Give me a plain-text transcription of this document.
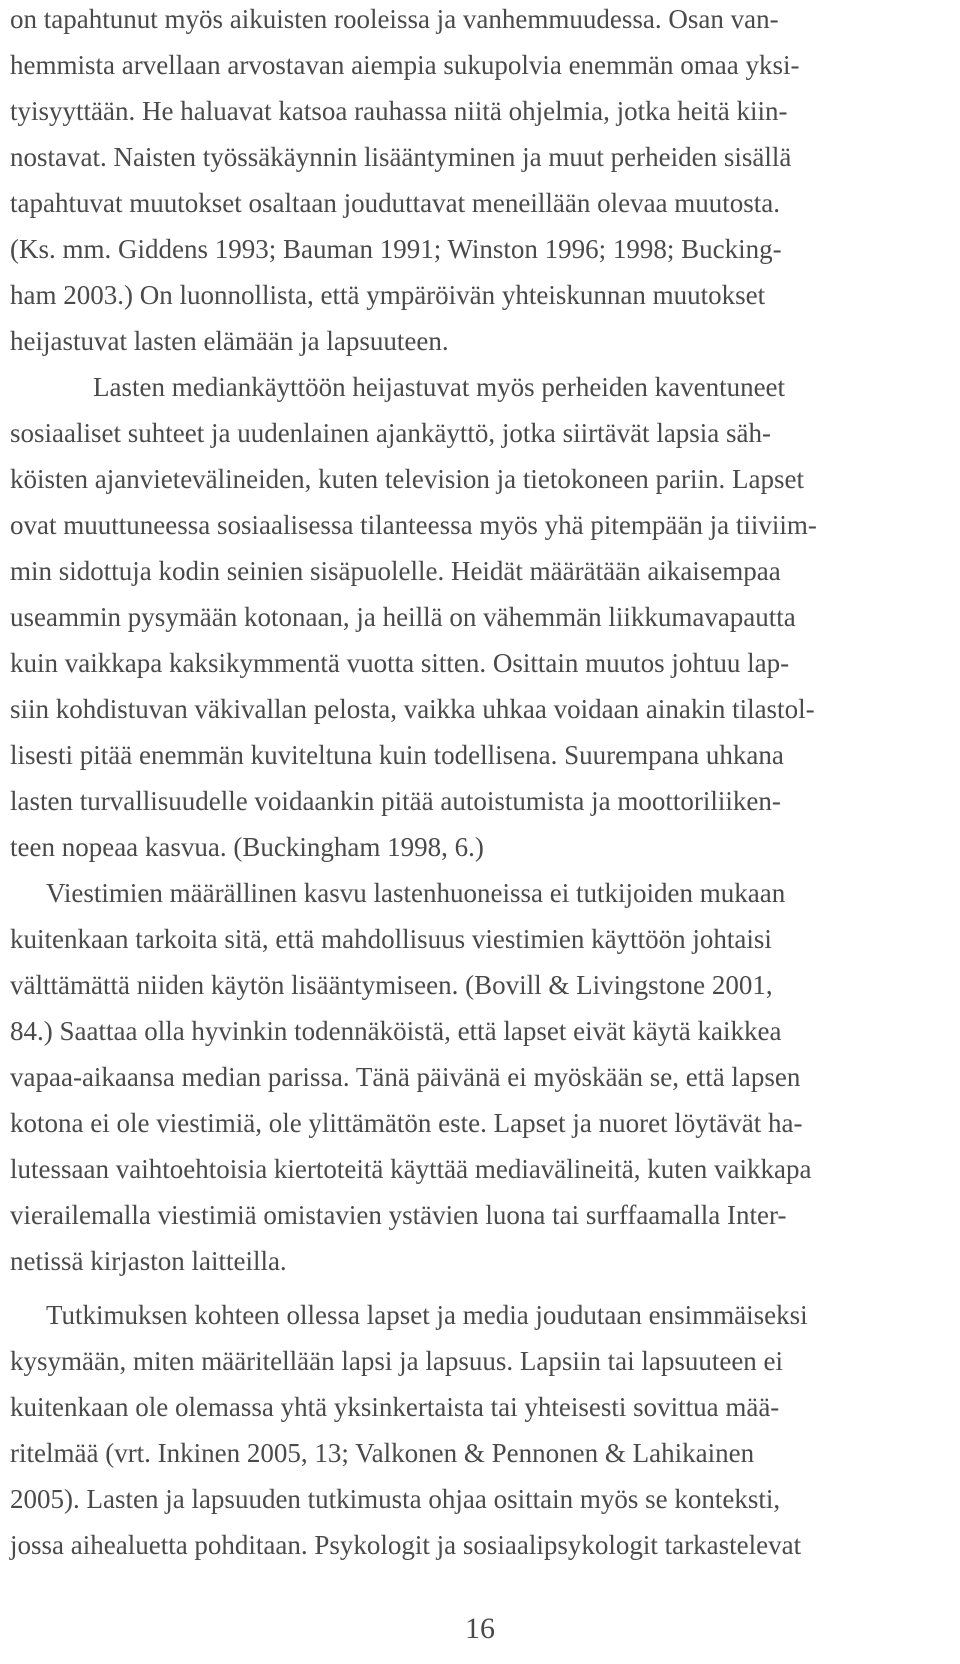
on tapahtunut myös aikuisten rooleissa ja vanhemmuudessa. Osan van-
hemmista arvellaan arvostavan aiempia sukupolvia enemmän omaa yksi-
tyisyyttään. He haluavat katsoa rauhassa niitä ohjelmia, jotka heitä kiin-
nostavat. Naisten työssäkäynnin lisääntyminen ja muut perheiden sisällä
tapahtuvat muutokset osaltaan jouduttavat meneillään olevaa muutosta.
(Ks. mm. Giddens 1993; Bauman 1991; Winston 1996; 1998; Bucking-
ham 2003.) On luonnollista, että ympäröivän yhteiskunnan muutokset
heijastuvat lasten elämään ja lapsuuteen.
Lasten mediankäyttöön heijastuvat myös perheiden kaventuneet
sosiaaliset suhteet ja uudenlainen ajankäyttö, jotka siirtävät lapsia säh-
köisten ajanvietevälineiden, kuten television ja tietokoneen pariin. Lapset
ovat muuttuneessa sosiaalisessa tilanteessa myös yhä pitempään ja tiiviim-
min sidottuja kodin seinien sisäpuolelle. Heidät määrätään aikaisempaa
useammin pysymään kotonaan, ja heillä on vähemmän liikkumavapautta
kuin vaikkapa kaksikymmentä vuotta sitten. Osittain muutos johtuu lap-
siin kohdistuvan väkivallan pelosta, vaikka uhkaa voidaan ainakin tilastol-
lisesti pitää enemmän kuviteltuna kuin todellisena. Suurempana uhkana
lasten turvallisuudelle voidaankin pitää autoistumista ja moottoriliiken-
teen nopeaa kasvua. (Buckingham 1998, 6.)
Viestimien määrällinen kasvu lastenhuoneissa ei tutkijoiden mukaan
kuitenkaan tarkoita sitä, että mahdollisuus viestimien käyttöön johtaisi
välttämättä niiden käytön lisääntymiseen. (Bovill & Livingstone 2001,
84.) Saattaa olla hyvinkin todennäköistä, että lapset eivät käytä kaikkea
vapaa-aikaansa median parissa. Tänä päivänä ei myöskään se, että lapsen
kotona ei ole viestimiä, ole ylittämätön este. Lapset ja nuoret löytävät ha-
lutessaan vaihtoehtoisia kiertoteitä käyttää mediavälineitä, kuten vaikkapa
vierailemalla viestimiä omistavien ystävien luona tai surffaamalla Inter-
netissä kirjaston laitteilla.
Tutkimuksen kohteen ollessa lapset ja media joudutaan ensimmäiseksi
kysymään, miten määritellään lapsi ja lapsuus. Lapsiin tai lapsuuteen ei
kuitenkaan ole olemassa yhtä yksinkertaista tai yhteisesti sovittua mää-
ritelmää (vrt. Inkinen 2005, 13; Valkonen & Pennonen & Lahikainen
2005). Lasten ja lapsuuden tutkimusta ohjaa osittain myös se konteksti,
jossa aihealuetta pohditaan. Psykologit ja sosiaalipsykologit tarkastelevat
16
